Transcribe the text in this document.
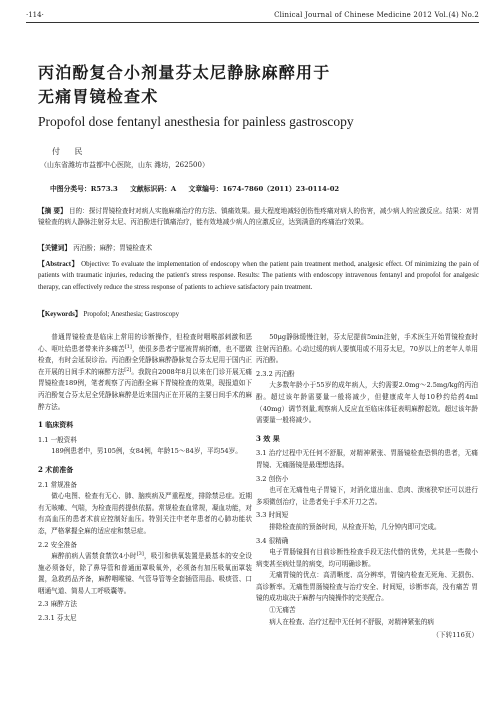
·114·	Clinical Journal of Chinese Medicine 2012 Vol.(4) No.2
丙泊酚复合小剂量芬太尼静脉麻醉用于
无痛胃镜检查术
Propofol dose fentanyl anesthesia for painless gastroscopy
付 民
（山东省潍坊市益都中心医院，山东 潍坊，262500）
中图分类号：R573.3 文献标识码：A 文章编号：1674-7860（2011）23-0114-02
【摘 要】 目的：探讨胃镜检查时对病人实施麻痛治疗的方法、镇痛效果。最大程度地减轻创伤性疼痛对病人的伤害，减少病人的应激反应。结果：对胃镜检查的病人静脉注射芬太尼、丙泊酚进行镇痛治疗，能有效地减少病人的应激反应，达到满意的疼痛治疗效果。
【关键词】 丙泊酚；麻醉；胃镜检查术
【Abstract】 Objective: To evaluate the implementation of endoscopy when the patient pain treatment method, analgesic effect. Of minimizing the pain of patients with traumatic injuries, reducing the patient's stress response. Results: The patients with endoscopy intravenous fentanyl and propofol for analgesic therapy, can effectively reduce the stress response of patients to achieve satisfactory pain treatment.
【Keywords】 Propofol; Anesthesia; Gastroscopy

普通胃镜检查是临床上常用的诊断操作，但检查时咽喉部刺激和恶心、呕吐给患者带来许多痛苦[1]，使很多患者宁愿被胃病折磨，也不愿做检查，有时会延误诊治。丙泊酚全凭静脉麻醉静脉复合芬太尼用于国内正在开展的日间手术的麻醉方法[2]。我院自2008年8月以来在门诊开展无痛胃镜检查189例，笔者观察了丙泊酚全麻下胃镜检查的效果，现报道如下丙泊酚复合芬太尼全凭静脉麻醉是近来国内正在开展的主要日间手术的麻醉方法。

1 临床资料

1.1 一般资料

189例患者中，男105例，女84例，年龄15～84岁，平均54岁。

2 术前准备

2.1 常规准备

做心电图、检查有无心、肺、脑疾病及严重程度，排除禁忌症。近期有无咳嗽、气喘，为检查用药提供依据。常规检查血常规，凝血功能，对有高血压的患者术前应控制好血压。特别关注中老年患者的心肺功能状态，严格掌握全麻的适应症和禁忌症。

2.2 安全准备

麻醉前病人需禁食禁饮4小时[3]，吸引和供氧装置是最基本的安全设施必须备好，除了鼻导管和普通面罩吸氧外，必须备有加压吸氧面罩装置，急救药品齐备，麻醉咽喉镜、气管导管等全套插管用品、吸痰管、口咽通气道、简易人工呼吸囊等。

2.3 麻醉方法

2.3.1 芬太尼

50μg静脉缓慢注射，芬太尼提前5min注射，手术医生开始胃镜检查时注射丙泊酚。心动过缓的病人要慎用或不用芬太尼，70岁以上的老年人单用丙泊酚。

2.3.2 丙泊酚

大多数年龄小于55岁的成年病人，大约需要2.0mg～2.5mg/kg的丙泊酚。超过该年龄需要量一般将减少，但健康成年人每10秒约给药4ml（40mg）调节剂量,观察病人反应直至临床体征表明麻醉起效。超过该年龄需要量一般将减少。

3 效 果

3.1 治疗过程中无任何不舒服，对精神紧张、胃肠镜检查恐惧的患者，无痛胃镜、无痛肠镜是最理想选择。

3.2 创伤小

也可在无痛性电子胃镜下，对消化道出血、息肉、溃疡狭窄还可以进行多项微创治疗，让患者免于手术开刀之苦。

3.3 时间短

排除检查前的预备时间，从检查开始，几分钟内即可完成。

3.4 很精确

电子胃肠镜拥有目前诊断性检查手段无法代替的优势，尤其是一些微小病变甚至病灶显的病变，均可明确诊断。

无痛胃镜的优点：高清晰度、高分辨率，胃镜内检查无死角、无损伤、高诊断率。无痛性胃肠镜检查与治疗安全、时间短，诊断率高，没有痛苦 胃镜的成功取决于麻醉与内镜操作的完美配合。

①无痛苦

病人在检查、治疗过程中无任何不舒服，对精神紧张的病

（下转116页）
